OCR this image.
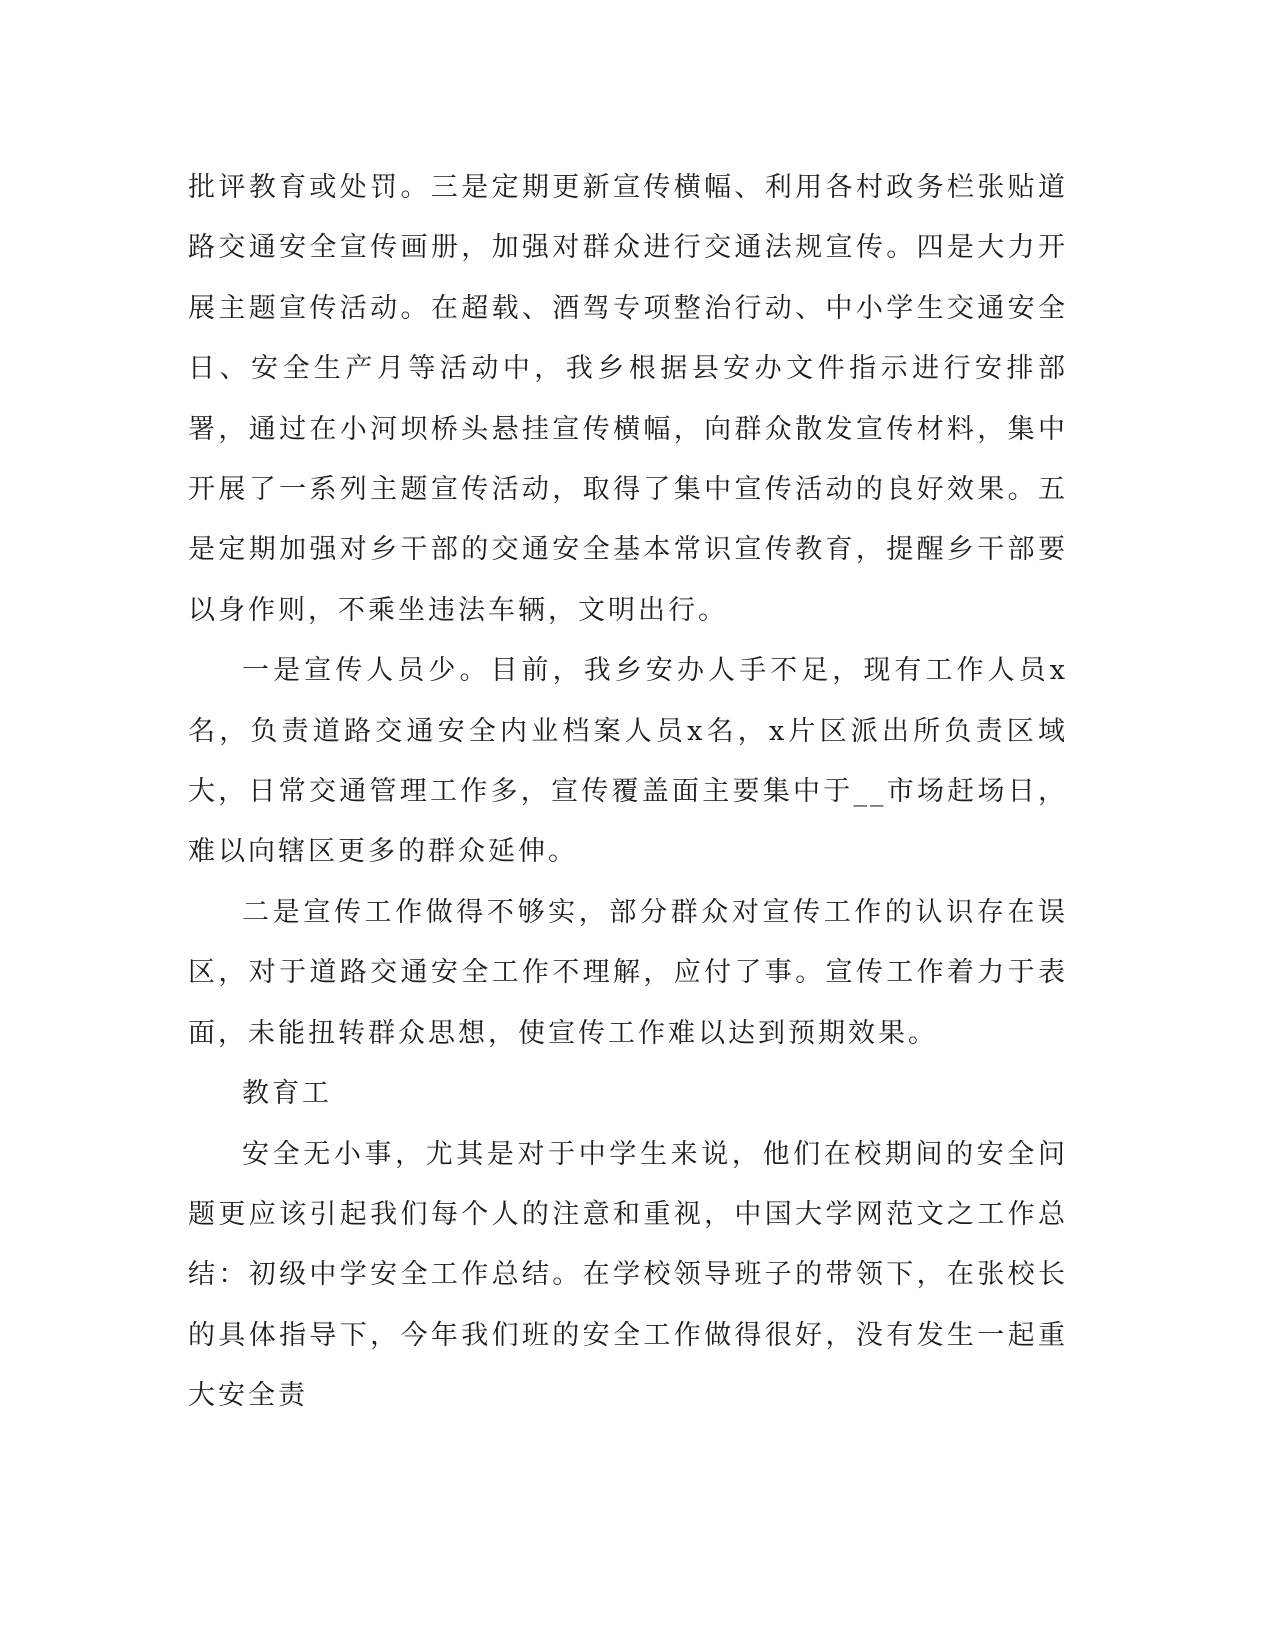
批评教育或处罚。三是定期更新宣传横幅、利用各村政务栏张贴道路交通安全宣传画册，加强对群众进行交通法规宣传。四是大力开展主题宣传活动。在超载、酒驾专项整治行动、中小学生交通安全日、安全生产月等活动中，我乡根据县安办文件指示进行安排部署，通过在小河坝桥头悬挂宣传横幅，向群众散发宣传材料，集中开展了一系列主题宣传活动，取得了集中宣传活动的良好效果。五是定期加强对乡干部的交通安全基本常识宣传教育，提醒乡干部要以身作则，不乘坐违法车辆，文明出行。

一是宣传人员少。目前，我乡安办人手不足，现有工作人员x名，负责道路交通安全内业档案人员x名，x片区派出所负责区域大，日常交通管理工作多，宣传覆盖面主要集中于__市场赶场日，难以向辖区更多的群众延伸。

二是宣传工作做得不够实，部分群众对宣传工作的认识存在误区，对于道路交通安全工作不理解，应付了事。宣传工作着力于表面，未能扭转群众思想，使宣传工作难以达到预期效果。

教育工

安全无小事，尤其是对于中学生来说，他们在校期间的安全问题更应该引起我们每个人的注意和重视，中国大学网范文之工作总结：初级中学安全工作总结。在学校领导班子的带领下，在张校长的具体指导下，今年我们班的安全工作做得很好，没有发生一起重大安全责
